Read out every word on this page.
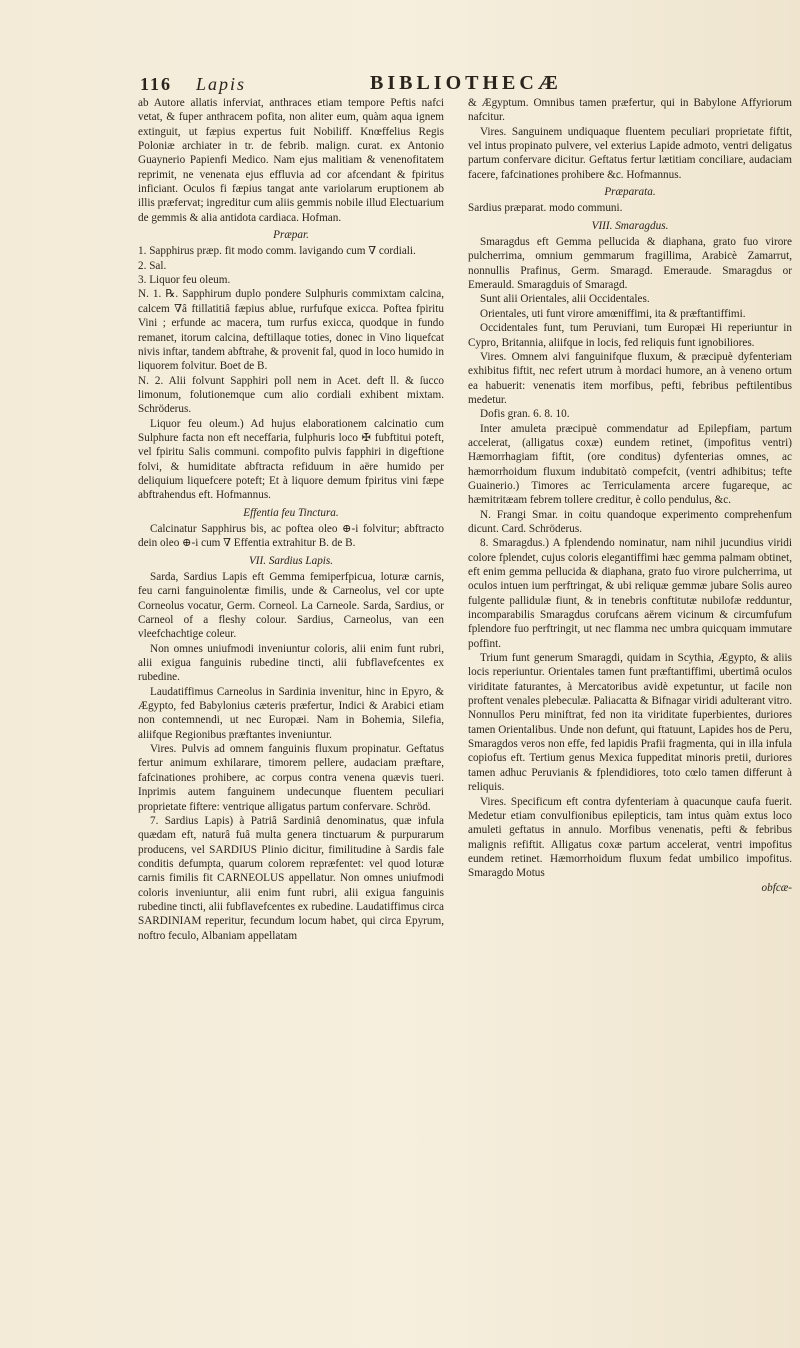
116 Lapis	BIBLIOTHECÆ

ab Autore allatis inferviat, anthraces etiam tempore Peftis nafci vetat, & fuper anthracem pofita, non aliter eum, quàm aqua ignem extinguit, ut fæpius expertus fuit Nobiliff. Knœffelius Regis Poloniæ archiater in tr. de febrib. malign. curat. ex Antonio Guaynerio Papienfi Medico. Nam ejus malitiam & venenofitatem reprimit, ne venenata ejus effluvia ad cor afcendant & fpiritus inficiant. Oculos fi fæpius tangat ante variolarum eruptionem ab illis præfervat; ingreditur cum aliis gemmis nobile illud Electuarium de gemmis & alia antidota cardiaca. Hofman.

Præpar.

1. Sapphirus præp. fit modo comm. lavigando cum ∇ cordiali.

2. Sal.

3. Liquor feu oleum.

N. 1. ℞. Sapphirum duplo pondere Sulphuris commixtam calcina, calcem ∇â ftillatitiâ fæpius ablue, rurfufque exicca. Poftea fpiritu Vini ; erfunde ac macera, tum rurfus exicca, quodque in fundo remanet, itorum calcina, deftillaque toties, donec in Vino liquefcat nivis inftar, tandem abftrahe, & provenit fal, quod in loco humido in liquorem folvitur. Boet de B.

N. 2. Alii folvunt Sapphiri poll nem in Acet. deft ll. & ſucco limonum, folutionemque cum alio cordiali exhibent mixtam. Schröderus.

Liquor feu oleum.) Ad hujus elaborationem calcinatio cum Sulphure facta non eft neceffaria, fulphuris loco ✠ fubftitui poteft, vel fpiritu Salis communi. compofito pulvis fapphiri in digeftione folvi, & humiditate abftracta refiduum in aëre humido per deliquium liquefcere poteft; Et à liquore demum fpiritus vini fæpe abftrahendus eft. Hofmannus.

Effentia feu Tinctura.

Calcinatur Sapphirus bis, ac poftea oleo ⊕-i folvitur; abftracto dein oleo ⊕-i cum ∇ Effentia extrahitur B. de B.

VII. Sardius Lapis.

Sarda, Sardius Lapis eft Gemma femiperfpicua, loturæ carnis, feu carni fanguinolentæ fimilis, unde & Carneolus, vel cor upte Corneolus vocatur, Germ. Corneol. La Carneole. Sarda, Sardius, or Carneol of a fleshy colour. Sardius, Carneolus, van een vleefchachtige coleur.

Non omnes uniufmodi inveniuntur coloris, alii enim funt rubri, alii exigua fanguinis rubedine tincti, alii fubflavefcentes ex rubedine.

Laudatiffimus Carneolus in Sardinia invenitur, hinc in Epyro, & Ægypto, fed Babylonius cæteris præfertur, Indici & Arabici etiam non contemnendi, ut nec Europæi. Nam in Bohemia, Silefia, aliifque Regionibus præftantes inveniuntur.

Vires. Pulvis ad omnem fanguinis fluxum propinatur. Geftatus fertur animum exhilarare, timorem pellere, audaciam præftare, fafcinationes prohibere, ac corpus contra venena quævis tueri. Inprimis autem fanguinem undecunque fluentem peculiari proprietate fiftere: ventrique alligatus partum confervare. Schröd.

7. Sardius Lapis) à Patriâ Sardiniâ denominatus, quæ infula quædam eft, naturâ fuâ multa genera tinctuarum & purpurarum producens, vel SARDIUS Plinio dicitur, fimilitudine à Sardis fale conditis defumpta, quarum colorem repræfentet: vel quod loturæ carnis fimilis fit CARNEOLUS appellatur. Non omnes uniufmodi coloris inveniuntur, alii enim funt rubri, alii exigua fanguinis rubedine tincti, alii fubflavefcentes ex rubedine. Laudatiffimus circa SARDINIAM reperitur, fecundum locum habet, qui circa Epyrum, noftro feculo, Albaniam appellatam

& Ægyptum. Omnibus tamen præfertur, qui in Babylone Affyriorum nafcitur.

Vires. Sanguinem undiquaque fluentem peculiari proprietate fiftit, vel intus propinato pulvere, vel exterius Lapide admoto, ventri deligatus partum confervare dicitur. Geftatus fertur lætitiam conciliare, audaciam facere, fafcinationes prohibere &c. Hofmannus.

Præparata.

Sardius præparat. modo communi.

VIII. Smaragdus.

Smaragdus eft Gemma pellucida & diaphana, grato fuo virore pulcherrima, omnium gemmarum fragillima, Arabicè Zamarrut, nonnullis Prafinus, Germ. Smaragd. Emeraude. Smaragdus or Emerauld. Smaragduis of Smaragd.

Sunt alii Orientales, alii Occidentales.

Orientales, uti funt virore amœniffimi, ita & præftantiffimi.

Occidentales funt, tum Peruviani, tum Europæi Hi reperiuntur in Cypro, Britannia, aliifque in locis, fed reliquis funt ignobiliores.

Vires. Omnem alvi fanguinifque fluxum, & præcipuè dyfenteriam exhibitus fiftit, nec refert utrum à mordaci humore, an à veneno ortum ea habuerit: venenatis item morfibus, pefti, febribus peftilentibus medetur.

Dofis gran. 6. 8. 10.

Inter amuleta præcipuè commendatur ad Epilepfiam, partum accelerat, (alligatus coxæ) eundem retinet, (impofitus ventri) Hæmorrhagiam fiftit, (ore conditus) dyfenterias omnes, ac hæmorrhoidum fluxum indubitatò compefcit, (ventri adhibitus; tefte Guainerio.) Timores ac Terriculamenta arcere fugareque, ac hæmitritæam febrem tollere creditur, è collo pendulus, &c.

N. Frangi Smar. in coitu quandoque experimento comprehenfum dicunt. Card. Schröderus.

8. Smaragdus.) A fplendendo nominatur, nam nihil jucundius viridi colore fplendet, cujus coloris elegantiffimi hæc gemma palmam obtinet, eft enim gemma pellucida & diaphana, grato fuo virore pulcherrima, ut oculos intuen ium perftringat, & ubi reliquæ gemmæ jubare Solis aureo fulgente pallidulæ fiunt, & in tenebris conftitutæ nubilofæ redduntur, incomparabilis Smaragdus corufcans aërem vicinum & circumfufum fplendore fuo perftringit, ut nec flamma nec umbra quicquam immutare poffint.

Trium funt generum Smaragdi, quidam in Scythia, Ægypto, & aliis locis reperiuntur. Orientales tamen funt præftantiffimi, ubertimâ oculos viriditate faturantes, à Mercatoribus avidè expetuntur, ut facile non proftent venales plebeculæ. Paliacatta & Bifnagar viridi adulterant vitro. Nonnullos Peru miniftrat, fed non ita viriditate fuperbientes, duriores tamen Orientalibus. Unde non defunt, qui ftatuunt, Lapides hos de Peru, Smaragdos veros non effe, fed lapidis Prafii fragmenta, qui in illa infula copiofus eft. Tertium genus Mexica fuppeditat minoris pretii, duriores tamen adhuc Peruvianis & fplendidiores, toto cœlo tamen differunt à reliquis.

Vires. Specificum eft contra dyfenteriam à quacunque caufa fuerit. Medetur etiam convulfionibus epilepticis, tam intus quàm extus loco amuleti geftatus in annulo. Morfibus venenatis, pefti & febribus malignis refiftit. Alligatus coxæ partum accelerat, ventri impofitus eundem retinet. Hæmorrhoidum fluxum fedat umbilico impofitus. Smaragdo Motus

obfcæ-
